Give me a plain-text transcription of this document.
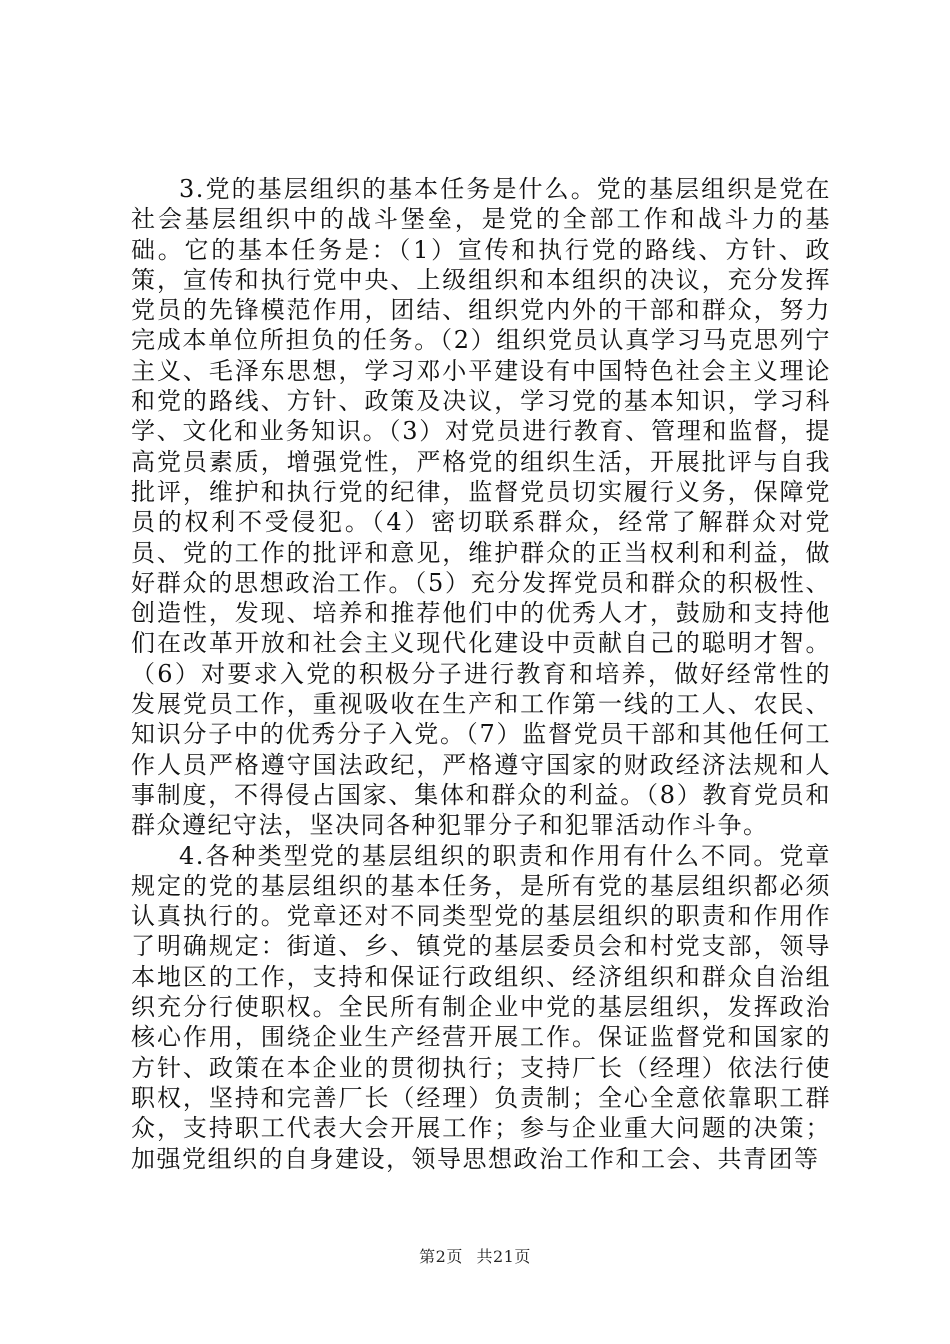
3.党的基层组织的基本任务是什么。党的基层组织是党在社会基层组织中的战斗堡垒，是党的全部工作和战斗力的基础。它的基本任务是：（1）宣传和执行党的路线、方针、政策，宣传和执行党中央、上级组织和本组织的决议，充分发挥党员的先锋模范作用，团结、组织党内外的干部和群众，努力完成本单位所担负的任务。（2）组织党员认真学习马克思列宁主义、毛泽东思想，学习邓小平建设有中国特色社会主义理论和党的路线、方针、政策及决议，学习党的基本知识，学习科学、文化和业务知识。（3）对党员进行教育、管理和监督，提高党员素质，增强党性，严格党的组织生活，开展批评与自我批评，维护和执行党的纪律，监督党员切实履行义务，保障党员的权利不受侵犯。（4）密切联系群众，经常了解群众对党员、党的工作的批评和意见，维护群众的正当权利和利益，做好群众的思想政治工作。（5）充分发挥党员和群众的积极性、创造性，发现、培养和推荐他们中的优秀人才，鼓励和支持他们在改革开放和社会主义现代化建设中贡献自己的聪明才智。（6）对要求入党的积极分子进行教育和培养，做好经常性的发展党员工作，重视吸收在生产和工作第一线的工人、农民、知识分子中的优秀分子入党。（7）监督党员干部和其他任何工作人员严格遵守国法政纪，严格遵守国家的财政经济法规和人事制度，不得侵占国家、集体和群众的利益。（8）教育党员和群众遵纪守法，坚决同各种犯罪分子和犯罪活动作斗争。

4.各种类型党的基层组织的职责和作用有什么不同。党章规定的党的基层组织的基本任务，是所有党的基层组织都必须认真执行的。党章还对不同类型党的基层组织的职责和作用作了明确规定：街道、乡、镇党的基层委员会和村党支部，领导本地区的工作，支持和保证行政组织、经济组织和群众自治组织充分行使职权。全民所有制企业中党的基层组织，发挥政治核心作用，围绕企业生产经营开展工作。保证监督党和国家的方针、政策在本企业的贯彻执行；支持厂长（经理）依法行使职权，坚持和完善厂长（经理）负责制；全心全意依靠职工群众，支持职工代表大会开展工作；参与企业重大问题的决策；加强党组织的自身建设，领导思想政治工作和工会、共青团等

第2页 共21页
